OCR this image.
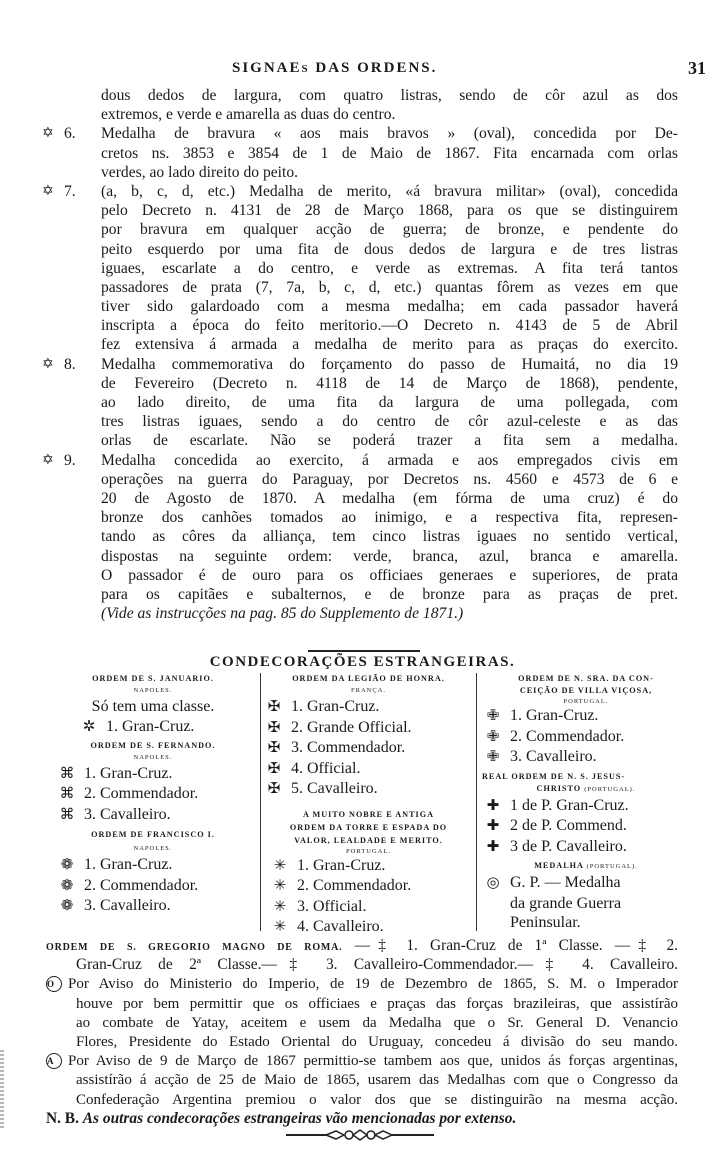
SIGNAEs DAS ORDENS.	31
dous dedos de largura, com quatro listras, sendo de côr azul as dos
extremos, e verde e amarella as duas do centro.
✡ 6.	Medalha de bravura « aos mais bravos » (oval), concedida por De-
cretos ns. 3853 e 3854 de 1 de Maio de 1867. Fita encarnada com orlas
verdes, ao lado direito do peito.
✡ 7.	(a, b, c, d, etc.) Medalha de merito, «á bravura militar» (oval), concedida
pelo Decreto n. 4131 de 28 de Março 1868, para os que se distinguirem
por bravura em qualquer acção de guerra; de bronze, e pendente do
peito esquerdo por uma fita de dous dedos de largura e de tres listras
iguaes, escarlate a do centro, e verde as extremas. A fita terá tantos
passadores de prata (7, 7a, b, c, d, etc.) quantas fôrem as vezes em que
tiver sido galardoado com a mesma medalha; em cada passador haverá
inscripta a época do feito meritorio.—O Decreto n. 4143 de 5 de Abril
fez extensiva á armada a medalha de merito para as praças do exercito.
✡ 8.	Medalha commemorativa do forçamento do passo de Humaitá, no dia 19
de Fevereiro (Decreto n. 4118 de 14 de Março de 1868), pendente,
ao lado direito, de uma fita da largura de uma pollegada, com
tres listras iguaes, sendo a do centro de côr azul-celeste e as das
orlas de escarlate. Não se poderá trazer a fita sem a medalha.
✡ 9.	Medalha concedida ao exercito, á armada e aos empregados civis em
operações na guerra do Paraguay, por Decretos ns. 4560 e 4573 de 6 e
20 de Agosto de 1870. A medalha (em fórma de uma cruz) é do
bronze dos canhões tomados ao inimigo, e a respectiva fita, represen-
tando as côres da alliança, tem cinco listras iguaes no sentido vertical,
dispostas na seguinte ordem: verde, branca, azul, branca e amarella.
O passador é de ouro para os officiaes generaes e superiores, de prata
para os capitães e subalternos, e de bronze para as praças de pret.
(Vide as instrucções na pag. 85 do Supplemento de 1871.)
CONDECORAÇÕES ESTRANGEIRAS.
ORDEM DE S. JANUARIO.
NAPOLES.
Só tem uma classe.
✲ 1. Gran-Cruz.
ORDEM DE S. FERNANDO.
NAPOLES.
⌘ 1. Gran-Cruz.
⌘ 2. Commendador.
⌘ 3. Cavalleiro.
ORDEM DE FRANCISCO I.
NAPOLES.
❁ 1. Gran-Cruz.
❁ 2. Commendador.
❁ 3. Cavalleiro.
ORDEM DA LEGIÃO DE HONRA.
FRANÇA.
✠ 1. Gran-Cruz.
✠ 2. Grande Official.
✠ 3. Commendador.
✠ 4. Official.
✠ 5. Cavalleiro.
A MUITO NOBRE E ANTIGA
ORDEM DA TORRE E ESPADA DO
VALOR, LEALDADE E MERITO.
PORTUGAL.
✳ 1. Gran-Cruz.
✳ 2. Commendador.
✳ 3. Official.
✳ 4. Cavalleiro.
ORDEM DE N. SRA. DA CON-
CEIÇÃO DE VILLA VIÇOSA,
PORTUGAL.
✙ 1. Gran-Cruz.
✙ 2. Commendador.
✙ 3. Cavalleiro.
REAL ORDEM DE N. S. JESUS-
CHRISTO (PORTUGAL).
✚ 1 de P. Gran-Cruz.
✚ 2 de P. Commend.
✚ 3 de P. Cavalleiro.
MEDALHA (PORTUGAL).
◎ G. P. — Medalha
da grande Guerra
Peninsular.
ORDEM DE S. GREGORIO MAGNO DE ROMA. —‡ 1. Gran-Cruz de 1ª Classe. —‡ 2.
Gran-Cruz de 2ª Classe.—‡ 3. Cavalleiro-Commendador.—‡ 4. Cavalleiro.
O Por Aviso do Ministerio do Imperio, de 19 de Dezembro de 1865, S. M. o Imperador
houve por bem permittir que os officiaes e praças das forças brazileiras, que assistírão
ao combate de Yatay, aceitem e usem da Medalha que o Sr. General D. Venancio
Flores, Presidente do Estado Oriental do Uruguay, concedeu á divisão do seu mando.
A Por Aviso de 9 de Março de 1867 permittio-se tambem aos que, unidos ás forças argentinas,
assistírão á acção de 25 de Maio de 1865, usarem das Medalhas com que o Congresso da
Confederação Argentina premiou o valor dos que se distinguirão na mesma acção.
N. B. As outras condecorações estrangeiras vão mencionadas por extenso.
